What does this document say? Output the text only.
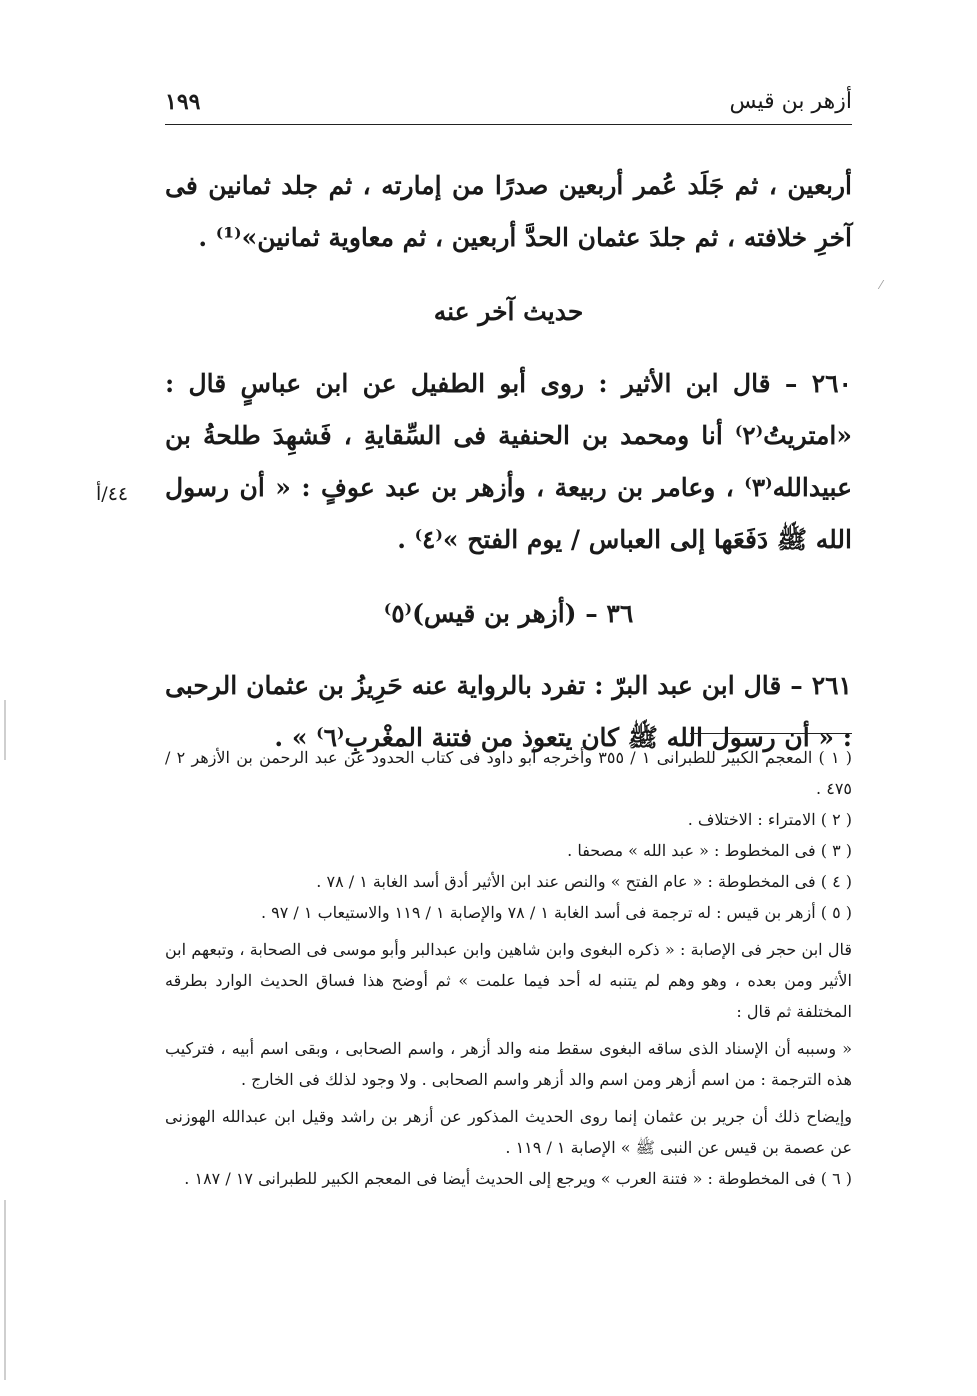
أزهر بن قيس
١٩٩

أربعين ، ثم جَلَد عُمر أربعين صدرًا من إمارته ، ثم جلد ثمانين فى آخرِ خلافته ، ثم جلدَ عثمان الحدَّ أربعين ، ثم معاوية ثمانين»⁽¹⁾ .

حديث آخر عنه

٢٦٠ – قال ابن الأثير : روى أبو الطفيل عن ابن عباسٍ قال : «امتريتُ⁽٢⁾ أنا ومحمد بن الحنفية فى السِّقايةِ ، فَشهِدَ طلحةُ بن عبيدالله⁽٣⁾ ، وعامر بن ربيعة ، وأزهر بن عبد عوفٍ : « أن رسول الله ﷺ دَفَعَها إلى العباس / يوم الفتح »⁽٤⁾ .

٣٦ – (أزهر بن قيس)⁽٥⁾

٢٦١ – قال ابن عبد البرّ : تفرد بالرواية عنه حَرِيزُ بن عثمان الرحبى : « أن رسول الله ﷺ كان يتعوذ من فتنة المغْربِ⁽٦⁾ » .

٤٤/أ

( ١ ) المعجم الكبير للطبرانى ١ / ٣٥٥ وأخرجه أبو داود فى كتاب الحدود عن عبد الرحمن بن الأزهر ٢ / ٤٧٥ .

( ٢ ) الامتراء : الاختلاف .

( ٣ ) فى المخطوط : « عبد الله » مصحفا .

( ٤ ) فى المخطوطة : « عام الفتح » والنص عند ابن الأثير أدق أسد الغابة ١ / ٧٨ .

( ٥ ) أزهر بن قيس : له ترجمة فى أسد الغابة ١ / ٧٨ والإصابة ١ / ١١٩ والاستيعاب ١ / ٩٧ .

قال ابن حجر فى الإصابة : « ذكره البغوى وابن شاهين وابن عبدالبر وأبو موسى فى الصحابة ، وتبعهم ابن الأثير ومن بعده ، وهو وهم لم يتنبه له أحد فيما علمت » ثم أوضح هذا فساق الحديث الوارد بطرقه المختلفة ثم قال :

« وسببه أن الإسناد الذى ساقه البغوى سقط منه والد أزهر ، واسم الصحابى ، وبقى اسم أبيه ، فتركيب هذه الترجمة : من اسم أزهر ومن اسم والد أزهر واسم الصحابى . ولا وجود لذلك فى الخارج .

وإيضاح ذلك أن جرير بن عثمان إنما روى الحديث المذكور عن أزهر بن راشد وقيل ابن عبدالله الهوزنى عن عصمة بن قيس عن النبى ﷺ » الإصابة ١ / ١١٩ .

( ٦ ) فى المخطوطة : « فتنة العرب » ويرجع إلى الحديث أيضا فى المعجم الكبير للطبرانى ١٧ / ١٨٧ .

⁄
